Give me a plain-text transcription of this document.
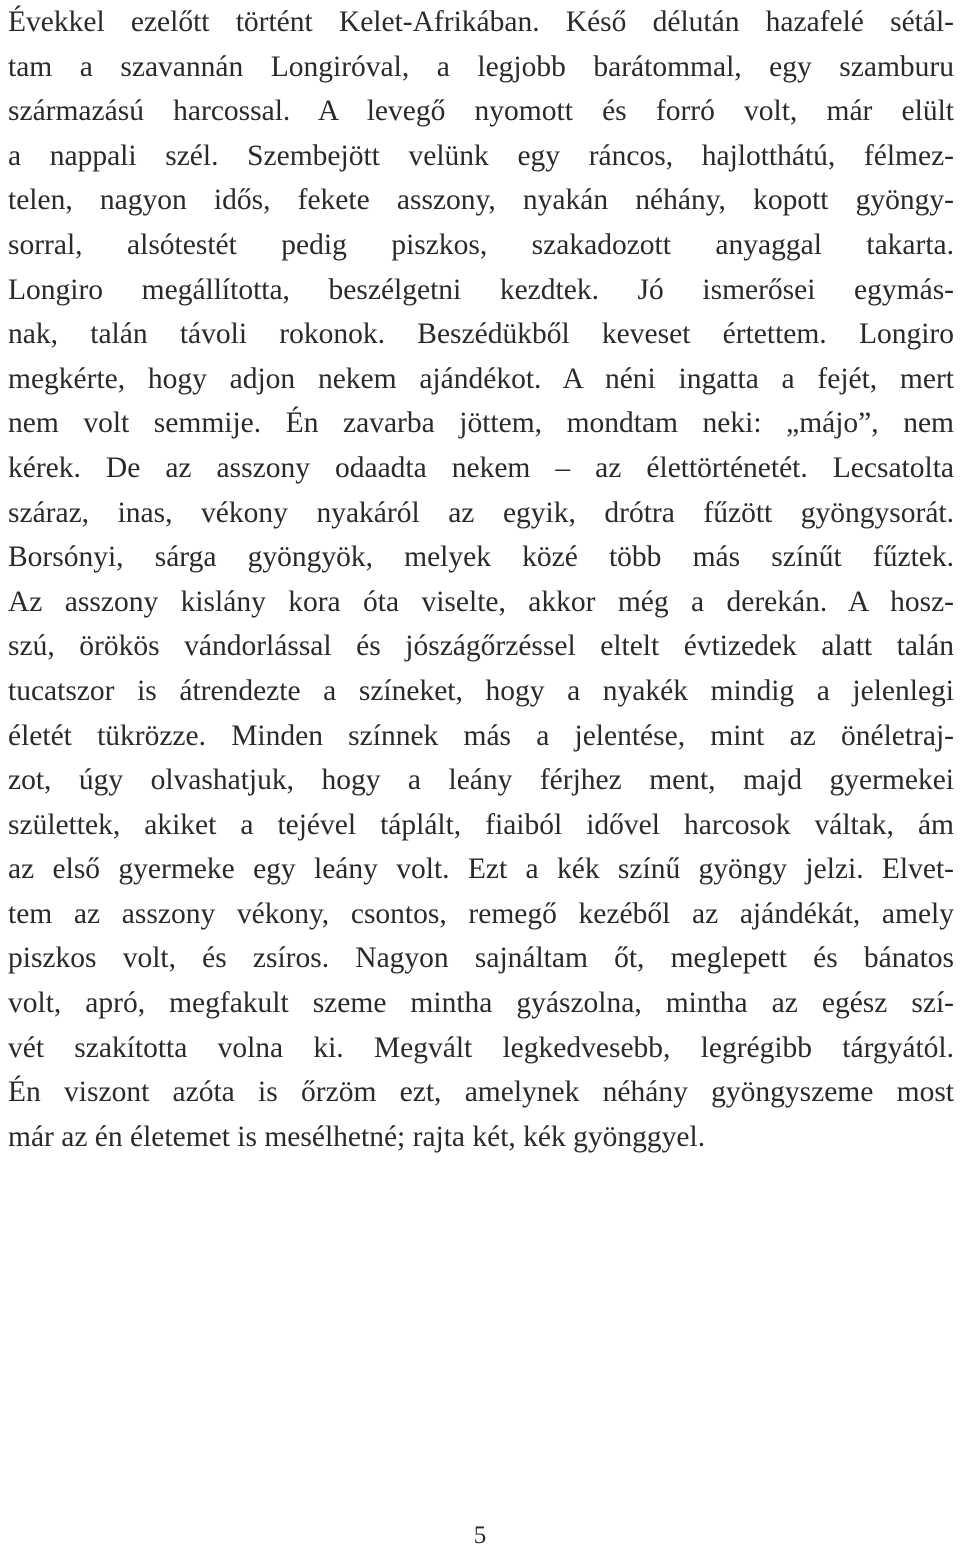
Évekkel ezelőtt történt Kelet-Afrikában. Késő délután hazafelé sétál-
tam a szavannán Longiróval, a legjobb barátommal, egy szamburu
származású harcossal. A levegő nyomott és forró volt, már elült
a nappali szél. Szembejött velünk egy ráncos, hajlotthátú, félmez-
telen, nagyon idős, fekete asszony, nyakán néhány, kopott gyöngy-
sorral, alsótestét pedig piszkos, szakadozott anyaggal takarta.
Longiro megállította, beszélgetni kezdtek. Jó ismerősei egymás-
nak, talán távoli rokonok. Beszédükből keveset értettem. Longiro
megkérte, hogy adjon nekem ajándékot. A néni ingatta a fejét, mert
nem volt semmije. Én zavarba jöttem, mondtam neki: „májo”, nem
kérek. De az asszony odaadta nekem – az élettörténetét. Lecsatolta
száraz, inas, vékony nyakáról az egyik, drótra fűzött gyöngysorát.
Borsónyi, sárga gyöngyök, melyek közé több más színűt fűztek.
Az asszony kislány kora óta viselte, akkor még a derekán. A hosz-
szú, örökös vándorlással és jószágőrzéssel eltelt évtizedek alatt talán
tucatszor is átrendezte a színeket, hogy a nyakék mindig a jelenlegi
életét tükrözze. Minden színnek más a jelentése, mint az önéletraj-
zot, úgy olvashatjuk, hogy a leány férjhez ment, majd gyermekei
születtek, akiket a tejével táplált, fiaiból idővel harcosok váltak, ám
az első gyermeke egy leány volt. Ezt a kék színű gyöngy jelzi. Elvet-
tem az asszony vékony, csontos, remegő kezéből az ajándékát, amely
piszkos volt, és zsíros. Nagyon sajnáltam őt, meglepett és bánatos
volt, apró, megfakult szeme mintha gyászolna, mintha az egész szí-
vét szakította volna ki. Megvált legkedvesebb, legrégibb tárgyától.
Én viszont azóta is őrzöm ezt, amelynek néhány gyöngyszeme most
már az én életemet is mesélhetné; rajta két, kék gyönggyel.
5
